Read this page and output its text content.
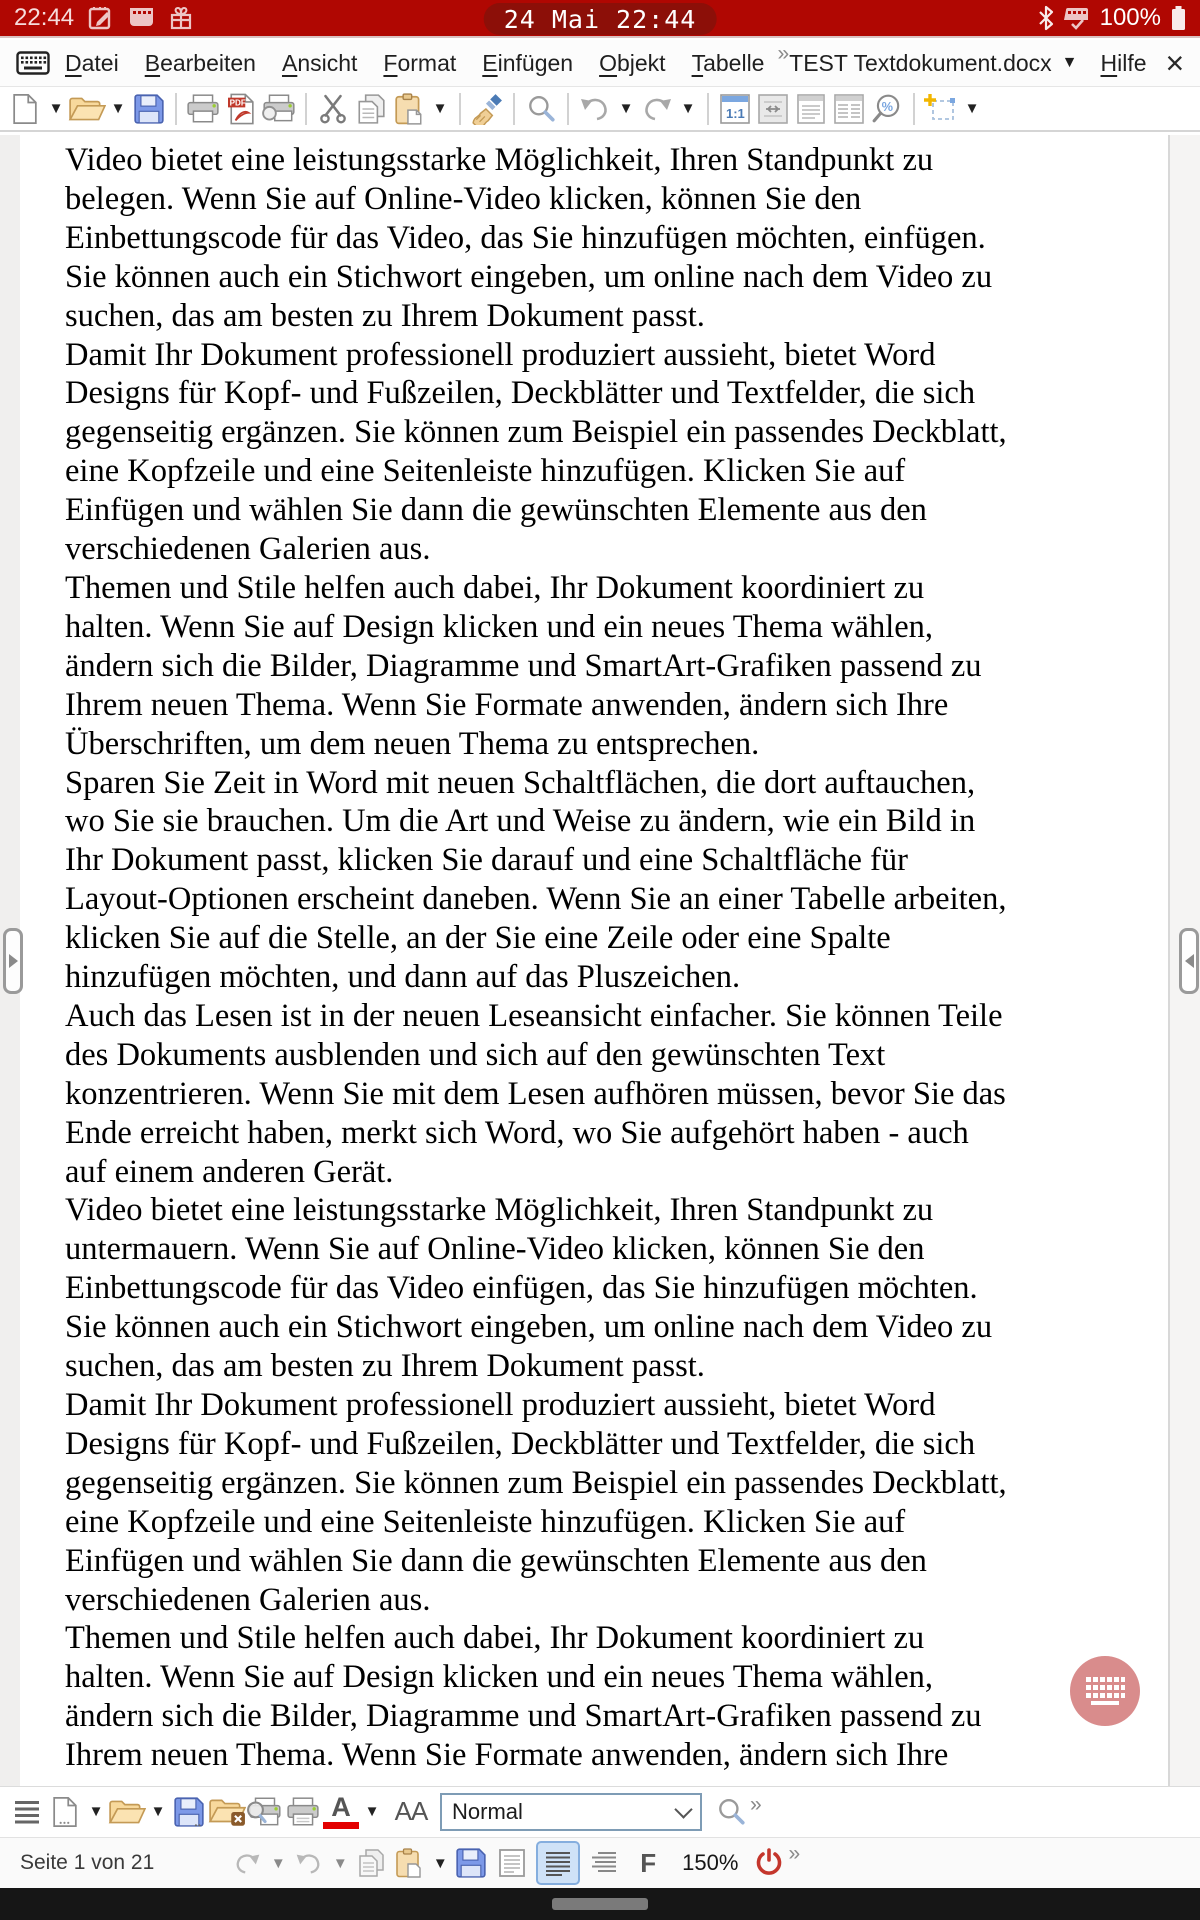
22:44	24 Mai 22:44	100%
Datei	Bearbeiten	Ansicht	Format	Einfügen	Objekt	Tabelle » TEST Textdokument.docx ▼	Hilfe ×
▼	▼	PDF	▼	▼	▼ 1:1	%	▼
Video bietet eine leistungsstarke Möglichkeit, Ihren Standpunkt zu
belegen. Wenn Sie auf Online-Video klicken, können Sie den
Einbettungscode für das Video, das Sie hinzufügen möchten, einfügen.
Sie können auch ein Stichwort eingeben, um online nach dem Video zu
suchen, das am besten zu Ihrem Dokument passt.
Damit Ihr Dokument professionell produziert aussieht, bietet Word
Designs für Kopf- und Fußzeilen, Deckblätter und Textfelder, die sich
gegenseitig ergänzen. Sie können zum Beispiel ein passendes Deckblatt,
eine Kopfzeile und eine Seitenleiste hinzufügen. Klicken Sie auf
Einfügen und wählen Sie dann die gewünschten Elemente aus den
verschiedenen Galerien aus.
Themen und Stile helfen auch dabei, Ihr Dokument koordiniert zu
halten. Wenn Sie auf Design klicken und ein neues Thema wählen,
ändern sich die Bilder, Diagramme und SmartArt-Grafiken passend zu
Ihrem neuen Thema. Wenn Sie Formate anwenden, ändern sich Ihre
Überschriften, um dem neuen Thema zu entsprechen.
Sparen Sie Zeit in Word mit neuen Schaltflächen, die dort auftauchen,
wo Sie sie brauchen. Um die Art und Weise zu ändern, wie ein Bild in
Ihr Dokument passt, klicken Sie darauf und eine Schaltfläche für
Layout-Optionen erscheint daneben. Wenn Sie an einer Tabelle arbeiten,
klicken Sie auf die Stelle, an der Sie eine Zeile oder eine Spalte
hinzufügen möchten, und dann auf das Pluszeichen.
Auch das Lesen ist in der neuen Leseansicht einfacher. Sie können Teile
des Dokuments ausblenden und sich auf den gewünschten Text
konzentrieren. Wenn Sie mit dem Lesen aufhören müssen, bevor Sie das
Ende erreicht haben, merkt sich Word, wo Sie aufgehört haben - auch
auf einem anderen Gerät.
Video bietet eine leistungsstarke Möglichkeit, Ihren Standpunkt zu
untermauern. Wenn Sie auf Online-Video klicken, können Sie den
Einbettungscode für das Video einfügen, das Sie hinzufügen möchten.
Sie können auch ein Stichwort eingeben, um online nach dem Video zu
suchen, das am besten zu Ihrem Dokument passt.
Damit Ihr Dokument professionell produziert aussieht, bietet Word
Designs für Kopf- und Fußzeilen, Deckblätter und Textfelder, die sich
gegenseitig ergänzen. Sie können zum Beispiel ein passendes Deckblatt,
eine Kopfzeile und eine Seitenleiste hinzufügen. Klicken Sie auf
Einfügen und wählen Sie dann die gewünschten Elemente aus den
verschiedenen Galerien aus.
Themen und Stile helfen auch dabei, Ihr Dokument koordiniert zu
halten. Wenn Sie auf Design klicken und ein neues Thema wählen,
ändern sich die Bilder, Diagramme und SmartArt-Grafiken passend zu
Ihrem neuen Thema. Wenn Sie Formate anwenden, ändern sich Ihre
▼	▼	A ▼ AA Normal	»
Seite 1 von 21	▼	▼	▼	F 150% »
